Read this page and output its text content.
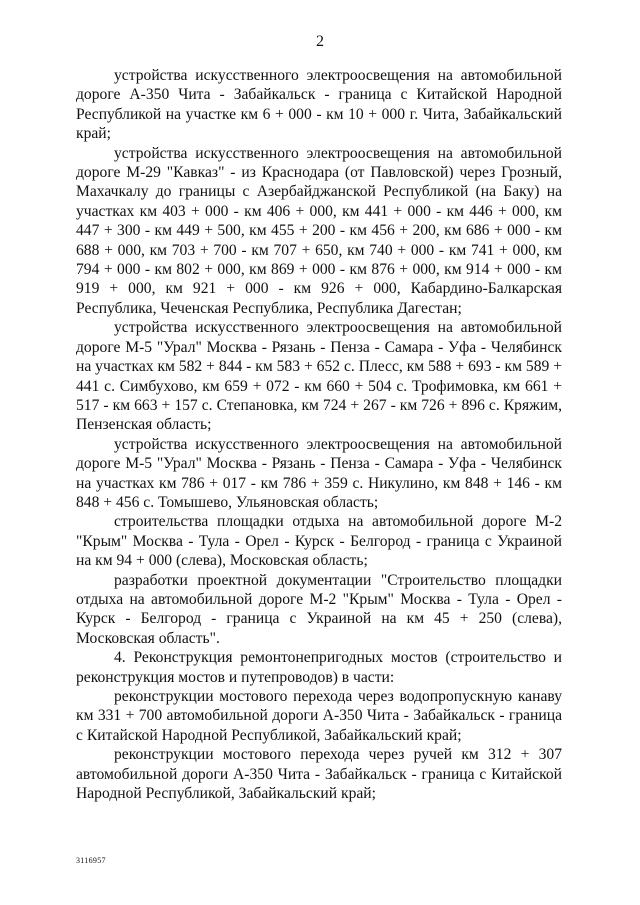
2

устройства искусственного электроосвещения на автомобильной дороге А-350 Чита - Забайкальск - граница с Китайской Народной Республикой на участке км 6 + 000 - км 10 + 000 г. Чита, Забайкальский край;

устройства искусственного электроосвещения на автомобильной дороге М-29 "Кавказ" - из Краснодара (от Павловской) через Грозный, Махачкалу до границы с Азербайджанской Республикой (на Баку) на участках км 403 + 000 - км 406 + 000, км 441 + 000 - км 446 + 000, км 447 + 300 - км 449 + 500, км 455 + 200 - км 456 + 200, км 686 + 000 - км 688 + 000, км 703 + 700 - км 707 + 650, км 740 + 000 - км 741 + 000, км 794 + 000 - км 802 + 000, км 869 + 000 - км 876 + 000, км 914 + 000 - км 919 + 000, км 921 + 000 - км 926 + 000, Кабардино-Балкарская Республика, Чеченская Республика, Республика Дагестан;

устройства искусственного электроосвещения на автомобильной дороге М-5 "Урал" Москва - Рязань - Пенза - Самара - Уфа - Челябинск на участках км 582 + 844 - км 583 + 652 с. Плесс, км 588 + 693 - км 589 + 441 с. Симбухово, км 659 + 072 - км 660 + 504 с. Трофимовка, км 661 + 517 - км 663 + 157 с. Степановка, км 724 + 267 - км 726 + 896 с. Кряжим, Пензенская область;

устройства искусственного электроосвещения на автомобильной дороге М-5 "Урал" Москва - Рязань - Пенза - Самара - Уфа - Челябинск на участках км 786 + 017 - км 786 + 359 с. Никулино, км 848 + 146 - км 848 + 456 с. Томышево, Ульяновская область;

строительства площадки отдыха на автомобильной дороге М-2 "Крым" Москва - Тула - Орел - Курск - Белгород - граница с Украиной на км 94 + 000 (слева), Московская область;

разработки проектной документации "Строительство площадки отдыха на автомобильной дороге М-2 "Крым" Москва - Тула - Орел - Курск - Белгород - граница с Украиной на км 45 + 250 (слева), Московская область".

4. Реконструкция ремонтонепригодных мостов (строительство и реконструкция мостов и путепроводов) в части:

реконструкции мостового перехода через водопропускную канаву км 331 + 700 автомобильной дороги А-350 Чита - Забайкальск - граница с Китайской Народной Республикой, Забайкальский край;

реконструкции мостового перехода через ручей км 312 + 307 автомобильной дороги А-350 Чита - Забайкальск - граница с Китайской Народной Республикой, Забайкальский край;

3116957
